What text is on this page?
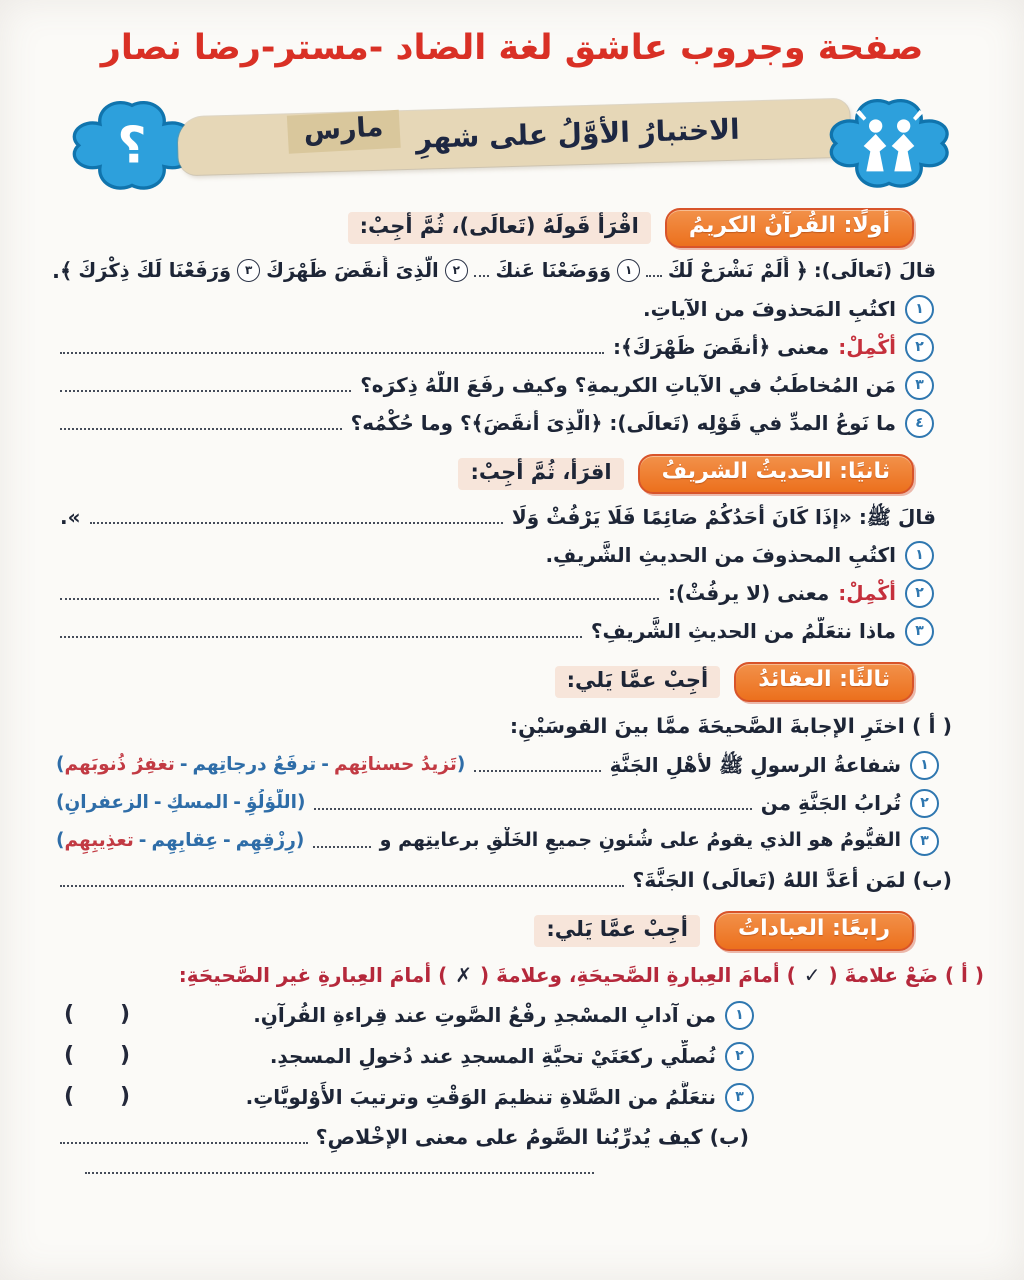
صفحة وجروب عاشق لغة الضاد -مستر-رضا نصار
؟	الاختبارُ الأوَّلُ على شهرِ
مارس
أولًا: القُرآنُ الكريمُ
اقْرَأ قَولَهُ (تَعالَى)، ثُمَّ أجِبْ:
قالَ (تَعالَى):
﴿
أَلَمْ نَشْرَحْ لَكَ
١
وَوَضَعْنَا عَنكَ
٢
الَّذِىَ أَنقَضَ ظَهْرَكَ
٣
وَرَفَعْنَا لَكَ ذِكْرَكَ
﴾.
١
اكتُبِ المَحذوفَ من الآياتِ.
٢
أكْمِلْ:
معنى ﴿أَنقَضَ ظَهْرَكَ﴾:
٣
مَن المُخاطَبُ في الآياتِ الكريمةِ؟ وكيف رفَعَ اللَّهُ ذِكرَه؟
٤
ما نَوعُ المدِّ في قَوْلِه (تَعالَى): ﴿الَّذِىَ أَنقَضَ﴾؟ وما حُكْمُه؟
ثانيًا: الحديثُ الشريفُ
اقرَأ، ثُمَّ أجِبْ:
قالَ ﷺ: «إذَا كَانَ أَحَدُكُمْ صَائِمًا فَلَا يَرْفُثْ وَلَا
».
١
اكتُبِ المحذوفَ من الحديثِ الشَّريفِ.
٢
أكْمِلْ:
معنى (لا يرفُثْ):
٣
ماذا نتعَلَّمُ من الحديثِ الشَّريفِ؟
ثالثًا: العقائدُ
أجِبْ عمَّا يَلي:
( أ ) اختَرِ الإجابةَ الصَّحيحَةَ ممَّا بينَ القوسَيْنِ:
١
شفاعةُ الرسولِ ﷺ لأهْلِ الجَنَّةِ
(تَزيدُ حسناتِهم-ترفَعُ درجاتِهم-تغفِرُ ذُنوبَهم)
٢
تُرابُ الجَنَّةِ من
(اللُّؤلُؤِ-المسكِ-الزعفرانِ)
٣
القيُّومُ هو الذي يقومُ على شُئونِ جميعِ الخَلْقِ برعايتِهم و
(رِزْقِهِم-عِقابِهِم-تعذِيبِهِم)
(ب) لمَن أعَدَّ اللهُ (تَعالَى) الجَنَّةَ؟
رابعًا: العباداتُ
أجِبْ عمَّا يَلي:
( أ ) ضَعْ علامةَ (
✓
) أمامَ العِبارةِ الصَّحيحَةِ، وعلامةَ (
✗
) أمامَ العِبارةِ غير الصَّحيحَةِ:
١
من آدابِ المسْجدِ رفْعُ الصَّوتِ عند قِراءةِ القُرآنِ.
(      )
٢
نُصلِّي ركعَتَيْ تحيَّةِ المسجدِ عند دُخولِ المسجدِ.
(      )
٣
نتعَلَّمُ من الصَّلاةِ تنظيمَ الوَقْتِ وترتيبَ الأَوْلويَّاتِ.
(      )
(ب) كيف يُدرِّبُنا الصَّومُ على معنى الإخْلاصِ؟
